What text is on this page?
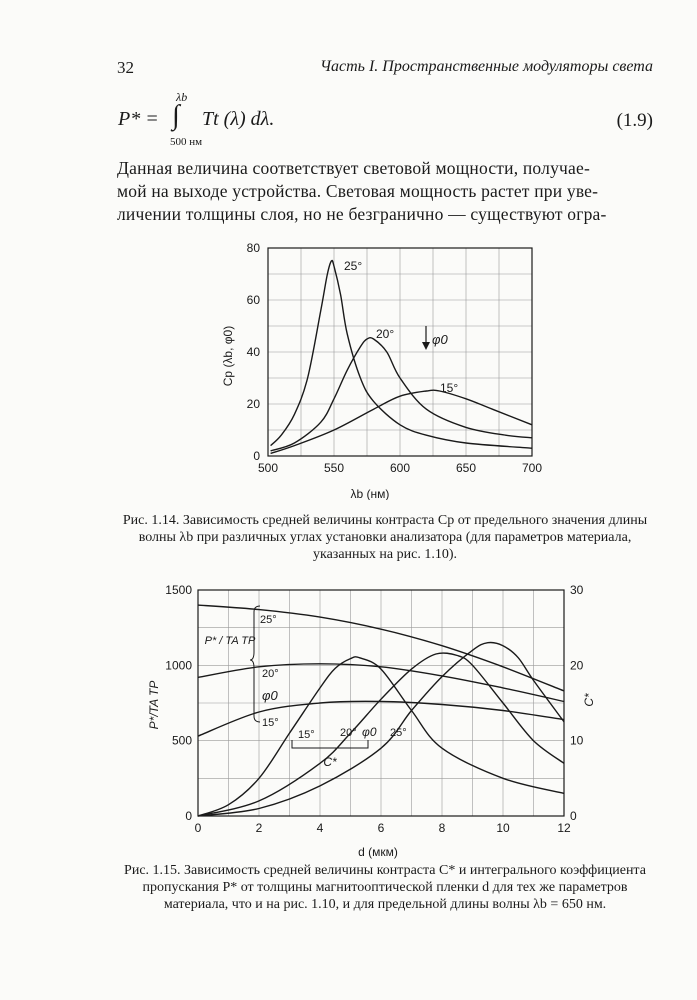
32	Часть I. Пространственные модуляторы света
P* =
λb
∫
500 нм
Tt (λ) dλ.	(1.9)
Данная величина соответствует световой мощности, получае-
мой на выходе устройства. Световая мощность растет при уве-
личении толщины слоя, но не безгранично — существуют огра-
500	550	600	650	700
0
20
40
60
80
25°
20°
15°
φ0
λb (нм)
Cp (λb, φ0)
Рис. 1.14. Зависимость средней величины контраста Cp от предельного значения длины волны λb при различных углах установки анализатора (для параметров материала, указанных на рис. 1.10).
0	2	4	6	8	10	12
0
500
1000
1500
0
10
20
30
P*/TA TP	C*
d (мкм)
P* / TA TP
25°
20°
φ0
15°
15° 20° φ0 25°
C*
Рис. 1.15. Зависимость средней величины контраста C* и интегрального коэффициента пропускания P* от толщины магнитооптической пленки d для тех же параметров материала, что и на рис. 1.10, и для предельной длины волны λb = 650 нм.
